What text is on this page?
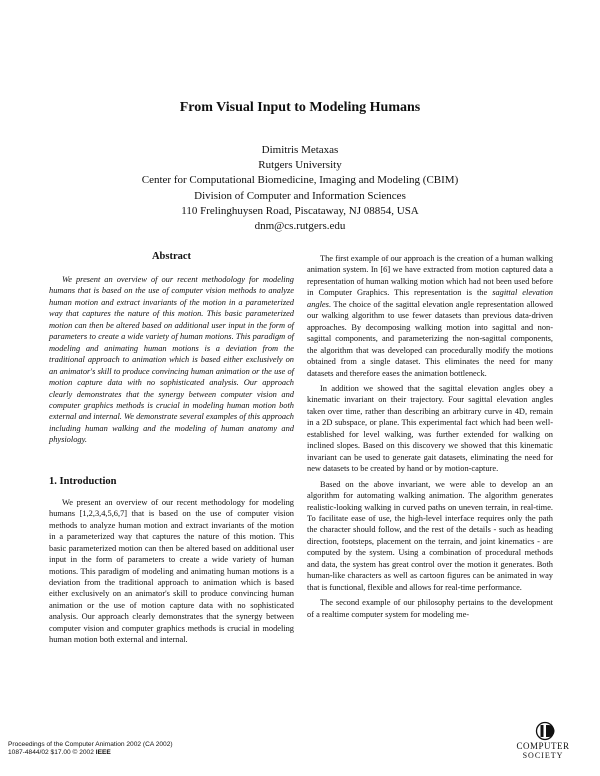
From Visual Input to Modeling Humans
Dimitris Metaxas
Rutgers University
Center for Computational Biomedicine, Imaging and Modeling (CBIM)
Division of Computer and Information Sciences
110 Frelinghuysen Road, Piscataway, NJ 08854, USA
dnm@cs.rutgers.edu
Abstract
We present an overview of our recent methodology for modeling humans that is based on the use of computer vision methods to analyze human motion and extract invariants of the motion in a parameterized way that captures the nature of this motion. This basic parameterized motion can then be altered based on additional user input in the form of parameters to create a wide variety of human motions. This paradigm of modeling and animating human motions is a deviation from the traditional approach to animation which is based either exclusively on an animator's skill to produce convincing human animation or the use of motion capture data with no sophisticated analysis. Our approach clearly demonstrates that the synergy between computer vision and computer graphics methods is crucial in modeling human motion both external and internal. We demonstrate several examples of this approach including human walking and the modeling of human anatomy and physiology.
1. Introduction
We present an overview of our recent methodology for modeling humans [1,2,3,4,5,6,7] that is based on the use of computer vision methods to analyze human motion and extract invariants of the motion in a parameterized way that captures the nature of this motion. This basic parameterized motion can then be altered based on additional user input in the form of parameters to create a wide variety of human motions. This paradigm of modeling and animating human motions is a deviation from the traditional approach to animation which is based either exclusively on an animator's skill to produce convincing human animation or the use of motion capture data with no sophisticated analysis. Our approach clearly demonstrates that the synergy between computer vision and computer graphics methods is crucial in modeling human motion both external and internal.
The first example of our approach is the creation of a human walking animation system. In [6] we have extracted from motion captured data a representation of human walking motion which had not been used before in Computer Graphics. This representation is the sagittal elevation angles. The choice of the sagittal elevation angle representation allowed our walking algorithm to use fewer datasets than previous data-driven approaches. By decomposing walking motion into sagittal and non-sagittal components, and parameterizing the non-sagittal components, the algorithm that was developed can procedurally modify the motions obtained from a single dataset. This eliminates the need for many datasets and therefore eases the animation bottleneck.
In addition we showed that the sagittal elevation angles obey a kinematic invariant on their trajectory. Four sagittal elevation angles taken over time, rather than describing an arbitrary curve in 4D, remain in a 2D subspace, or plane. This experimental fact which had been well-established for level walking, was further extended for walking on inclined slopes. Based on this discovery we showed that this kinematic invariant can be used to generate gait datasets, eliminating the need for new datasets to be created by hand or by motion-capture.
Based on the above invariant, we were able to develop an an algorithm for automating walking animation. The algorithm generates realistic-looking walking in curved paths on uneven terrain, in real-time. To facilitate ease of use, the high-level interface requires only the path the character should follow, and the rest of the details - such as heading direction, footsteps, placement on the terrain, and joint kinematics - are computed by the system. Using a combination of procedural methods and data, the system has great control over the motion it generates. Both human-like characters as well as cartoon figures can be animated in way that is functional, flexible and allows for real-time performance.
The second example of our philosophy pertains to the development of a realtime computer system for modeling me-
Proceedings of the Computer Animation 2002 (CA 2002)
1087-4844/02 $17.00 © 2002 IEEE
COMPUTER
SOCIETY
